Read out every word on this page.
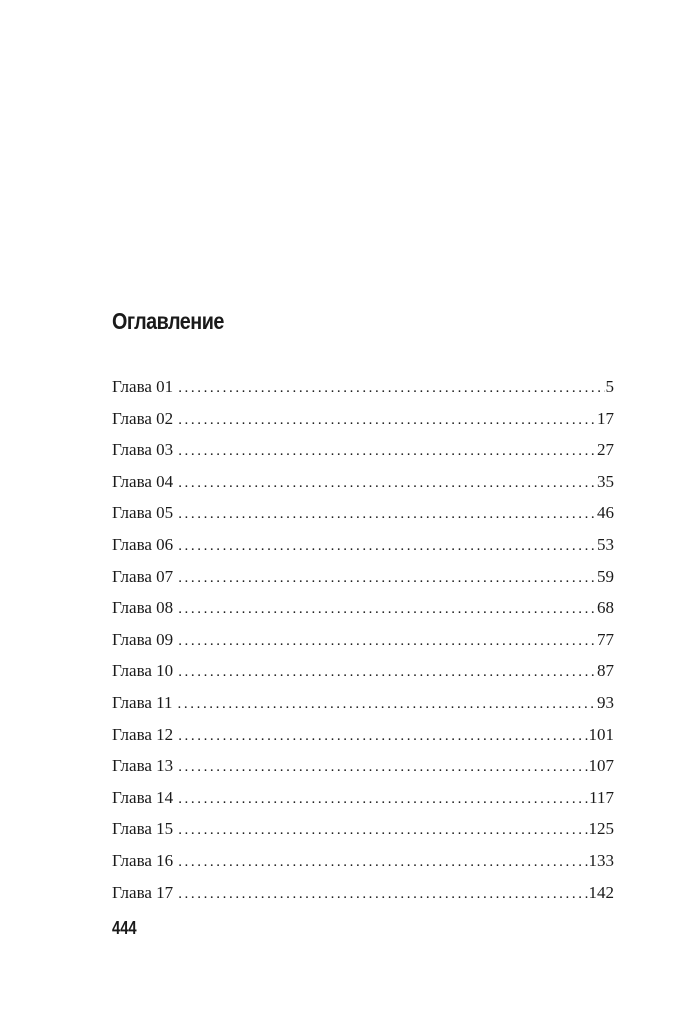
Оглавление
Глава 01 .....	5
Глава 02 .....	17
Глава 03 .....	27
Глава 04 .....	35
Глава 05 .....	46
Глава 06 .....	53
Глава 07 .....	59
Глава 08 .....	68
Глава 09 .....	77
Глава 10 .....	87
Глава 11 .....	93
Глава 12 .....	101
Глава 13 .....	107
Глава 14 .....	117
Глава 15 .....	125
Глава 16 .....	133
Глава 17 .....	142
444
